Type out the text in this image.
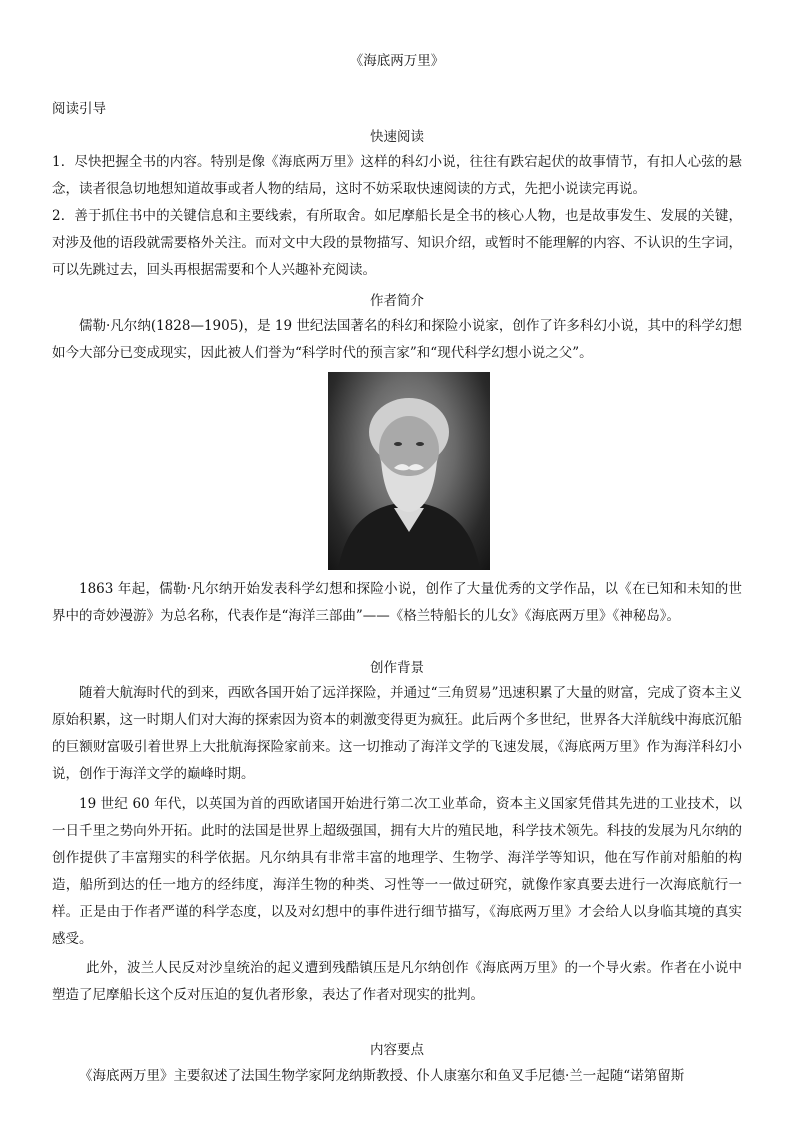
《海底两万里》
阅读引导
快速阅读
1．尽快把握全书的内容。特别是像《海底两万里》这样的科幻小说，往往有跌宕起伏的故事情节，有扣人心弦的悬念，读者很急切地想知道故事或者人物的结局，这时不妨采取快速阅读的方式，先把小说读完再说。
2．善于抓住书中的关键信息和主要线索，有所取舍。如尼摩船长是全书的核心人物，也是故事发生、发展的关键，对涉及他的语段就需要格外关注。而对文中大段的景物描写、知识介绍，或暂时不能理解的内容、不认识的生字词，可以先跳过去，回头再根据需要和个人兴趣补充阅读。
作者简介
儒勒·凡尔纳(1828—1905)，是 19 世纪法国著名的科幻和探险小说家，创作了许多科幻小说，其中的科学幻想如今大部分已变成现实，因此被人们誉为“科学时代的预言家”和“现代科学幻想小说之父”。
1863 年起，儒勒·凡尔纳开始发表科学幻想和探险小说，创作了大量优秀的文学作品，以《在已知和未知的世界中的奇妙漫游》为总名称，代表作是“海洋三部曲”——《格兰特船长的儿女》《海底两万里》《神秘岛》。
创作背景
随着大航海时代的到来，西欧各国开始了远洋探险，并通过“三角贸易”迅速积累了大量的财富，完成了资本主义原始积累，这一时期人们对大海的探索因为资本的刺激变得更为疯狂。此后两个多世纪，世界各大洋航线中海底沉船的巨额财富吸引着世界上大批航海探险家前来。这一切推动了海洋文学的飞速发展，《海底两万里》作为海洋科幻小说，创作于海洋文学的巅峰时期。
19 世纪 60 年代，以英国为首的西欧诸国开始进行第二次工业革命，资本主义国家凭借其先进的工业技术，以一日千里之势向外开拓。此时的法国是世界上超级强国，拥有大片的殖民地，科学技术领先。科技的发展为凡尔纳的创作提供了丰富翔实的科学依据。凡尔纳具有非常丰富的地理学、生物学、海洋学等知识，他在写作前对船舶的构造，船所到达的任一地方的经纬度，海洋生物的种类、习性等一一做过研究，就像作家真要去进行一次海底航行一样。正是由于作者严谨的科学态度，以及对幻想中的事件进行细节描写，《海底两万里》才会给人以身临其境的真实感受。
此外，波兰人民反对沙皇统治的起义遭到残酷镇压是凡尔纳创作《海底两万里》的一个导火索。作者在小说中塑造了尼摩船长这个反对压迫的复仇者形象，表达了作者对现实的批判。
内容要点
《海底两万里》主要叙述了法国生物学家阿龙纳斯教授、仆人康塞尔和鱼叉手尼德·兰一起随“诺第留斯
